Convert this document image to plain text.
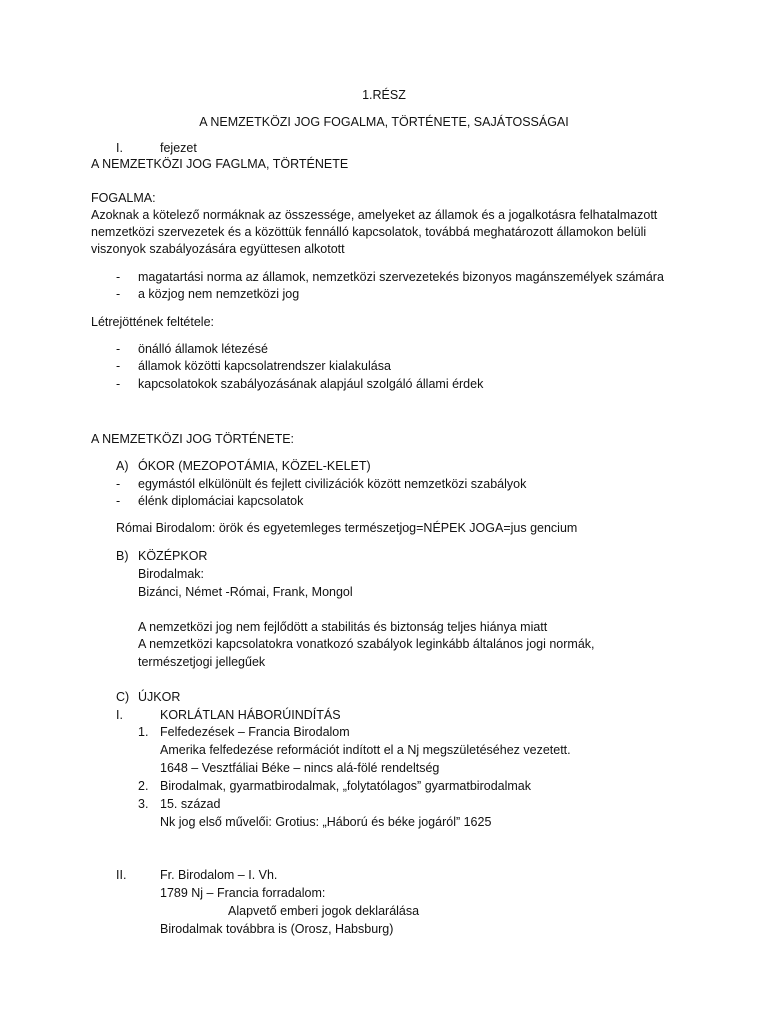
1.RÉSZ
A NEMZETKÖZI JOG FOGALMA, TÖRTÉNETE, SAJÁTOSSÁGAI
I.	fejezet
A NEMZETKÖZI JOG FAGLMA, TÖRTÉNETE
FOGALMA:
Azoknak a kötelező normáknak az összessége, amelyeket az államok és a jogalkotásra felhatalmazott
nemzetközi szervezetek és a közöttük fennálló kapcsolatok, továbbá meghatározott államokon belüli
viszonyok szabályozására együttesen alkotott
- magatartási norma az államok, nemzetközi szervezetekés bizonyos magánszemélyek számára
- a közjog nem nemzetközi jog
Létrejöttének feltétele:
- önálló államok létezésé
- államok közötti kapcsolatrendszer kialakulása
- kapcsolatokok szabályozásának alapjául szolgáló állami érdek
A NEMZETKÖZI JOG TÖRTÉNETE:
A) ÓKOR (MEZOPOTÁMIA, KÖZEL-KELET)
- egymástól elkülönült és fejlett civilizációk között nemzetközi szabályok
- élénk diplomáciai kapcsolatok
Római Birodalom: örök és egyetemleges természetjog=NÉPEK JOGA=jus gencium
B) KÖZÉPKOR
Birodalmak:
Bizánci, Német -Római, Frank, Mongol
A nemzetközi jog nem fejlődött a stabilitás és biztonság teljes hiánya miatt
A nemzetközi kapcsolatokra vonatkozó szabályok leginkább általános jogi normák,
természetjogi jellegűek
C) ÚJKOR
I.	KORLÁTLAN HÁBORÚINDÍTÁS
1. Felfedezések – Francia Birodalom
Amerika felfedezése reformációt indított el a Nj megszületéséhez vezetett.
1648 – Vesztfáliai Béke – nincs alá-fölé rendeltség
2. Birodalmak, gyarmatbirodalmak, „folytatólagos” gyarmatbirodalmak
3. 15. század
Nk jog első művelői: Grotius: „Háború és béke jogáról” 1625
II.	Fr. Birodalom – I. Vh.
1789 Nj – Francia forradalom:
Alapvető emberi jogok deklarálása
Birodalmak továbbra is (Orosz, Habsburg)
